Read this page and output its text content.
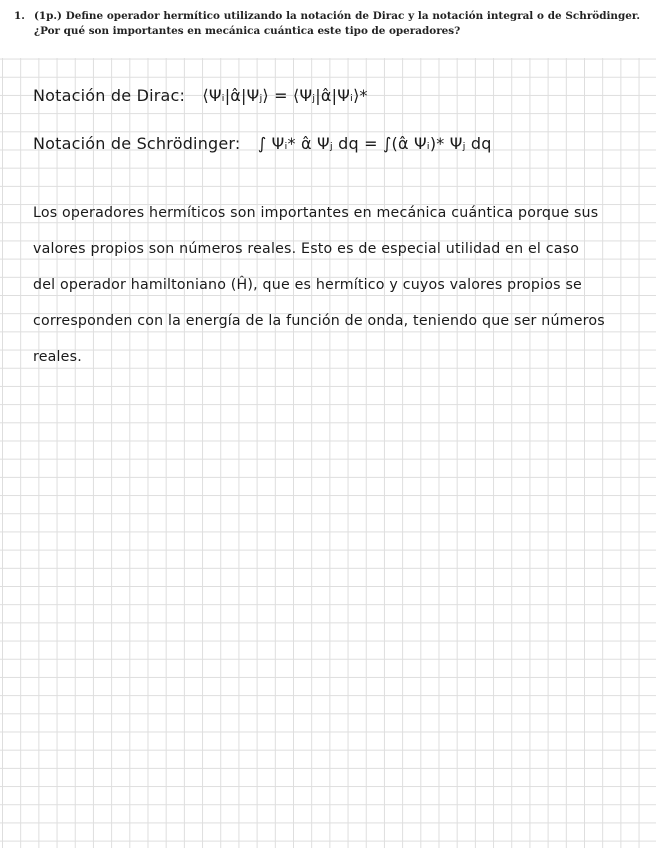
1. (1p.) Define operador hermítico utilizando la notación de Dirac y la notación integral o de Schrödinger. ¿Por qué son importantes en mecánica cuántica este tipo de operadores?
Notación de Dirac: ⟨Ψᵢ|α̂|Ψⱼ⟩ = ⟨Ψⱼ|α̂|Ψᵢ⟩*
Notación de Schrödinger: ∫ Ψᵢ* α̂ Ψⱼ dq = ∫(α̂ Ψᵢ)* Ψⱼ dq
Los operadores hermíticos son importantes en mecánica cuántica porque sus
valores propios son números reales. Esto es de especial utilidad en el caso
del operador hamiltoniano (Ĥ), que es hermítico y cuyos valores propios se
corresponden con la energía de la función de onda, teniendo que ser números
reales.
